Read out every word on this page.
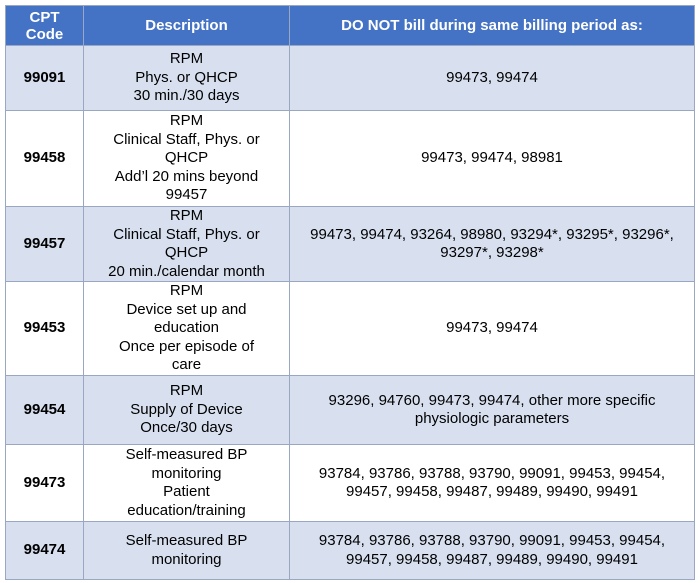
CPT
Code	Description	DO NOT bill during same billing period as:
99091	RPM
Phys. or QHCP
30 min./30 days	99473, 99474

99458	RPM
Clinical Staff, Phys. or
QHCP
Add’l 20 mins beyond
99457	99473, 99474, 98981

99457	RPM
Clinical Staff, Phys. or
QHCP
20 min./calendar month	99473, 99474, 93264, 98980, 93294*, 93295*, 93296*,
93297*, 93298*

99453	RPM
Device set up and
education
Once per episode of
care	99473, 99474

99454	RPM
Supply of Device
Once/30 days	93296, 94760, 99473, 99474, other more specific
physiologic parameters

99473	Self-measured BP
monitoring
Patient
education/training	93784, 93786, 93788, 93790, 99091, 99453, 99454,
99457, 99458, 99487, 99489, 99490, 99491

99474	Self-measured BP
monitoring	93784, 93786, 93788, 93790, 99091, 99453, 99454,
99457, 99458, 99487, 99489, 99490, 99491
